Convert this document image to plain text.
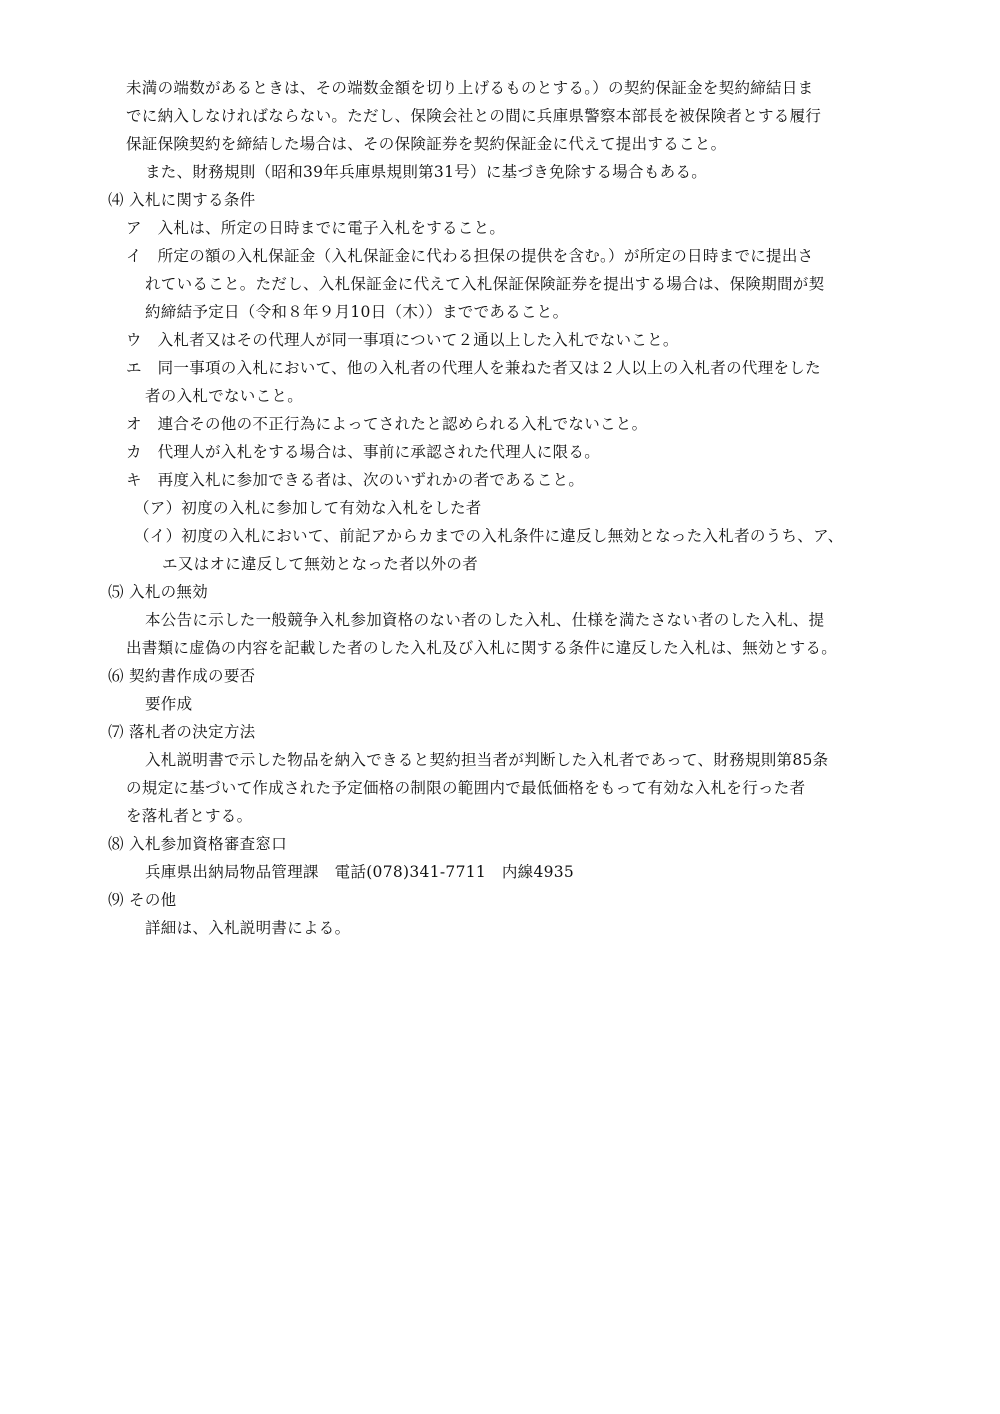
未満の端数があるときは、その端数金額を切り上げるものとする。）の契約保証金を契約締結日ま
でに納入しなければならない。ただし、保険会社との間に兵庫県警察本部長を被保険者とする履行
保証保険契約を締結した場合は、その保険証券を契約保証金に代えて提出すること。
また、財務規則（昭和39年兵庫県規則第31号）に基づき免除する場合もある。
⑷ 入札に関する条件
ア　入札は、所定の日時までに電子入札をすること。
イ　所定の額の入札保証金（入札保証金に代わる担保の提供を含む。）が所定の日時までに提出さ
れていること。ただし、入札保証金に代えて入札保証保険証券を提出する場合は、保険期間が契
約締結予定日（令和８年９月10日（木））までであること。
ウ　入札者又はその代理人が同一事項について２通以上した入札でないこと。
エ　同一事項の入札において、他の入札者の代理人を兼ねた者又は２人以上の入札者の代理をした
者の入札でないこと。
オ　連合その他の不正行為によってされたと認められる入札でないこと。
カ　代理人が入札をする場合は、事前に承認された代理人に限る。
キ　再度入札に参加できる者は、次のいずれかの者であること。
（ア）初度の入札に参加して有効な入札をした者
（イ）初度の入札において、前記アからカまでの入札条件に違反し無効となった入札者のうち、ア、
エ又はオに違反して無効となった者以外の者
⑸ 入札の無効
本公告に示した一般競争入札参加資格のない者のした入札、仕様を満たさない者のした入札、提
出書類に虚偽の内容を記載した者のした入札及び入札に関する条件に違反した入札は、無効とする。
⑹ 契約書作成の要否
要作成
⑺ 落札者の決定方法
入札説明書で示した物品を納入できると契約担当者が判断した入札者であって、財務規則第85条
の規定に基づいて作成された予定価格の制限の範囲内で最低価格をもって有効な入札を行った者
を落札者とする。
⑻ 入札参加資格審査窓口
兵庫県出納局物品管理課　電話(078)341-7711　内線4935
⑼ その他
詳細は、入札説明書による。
